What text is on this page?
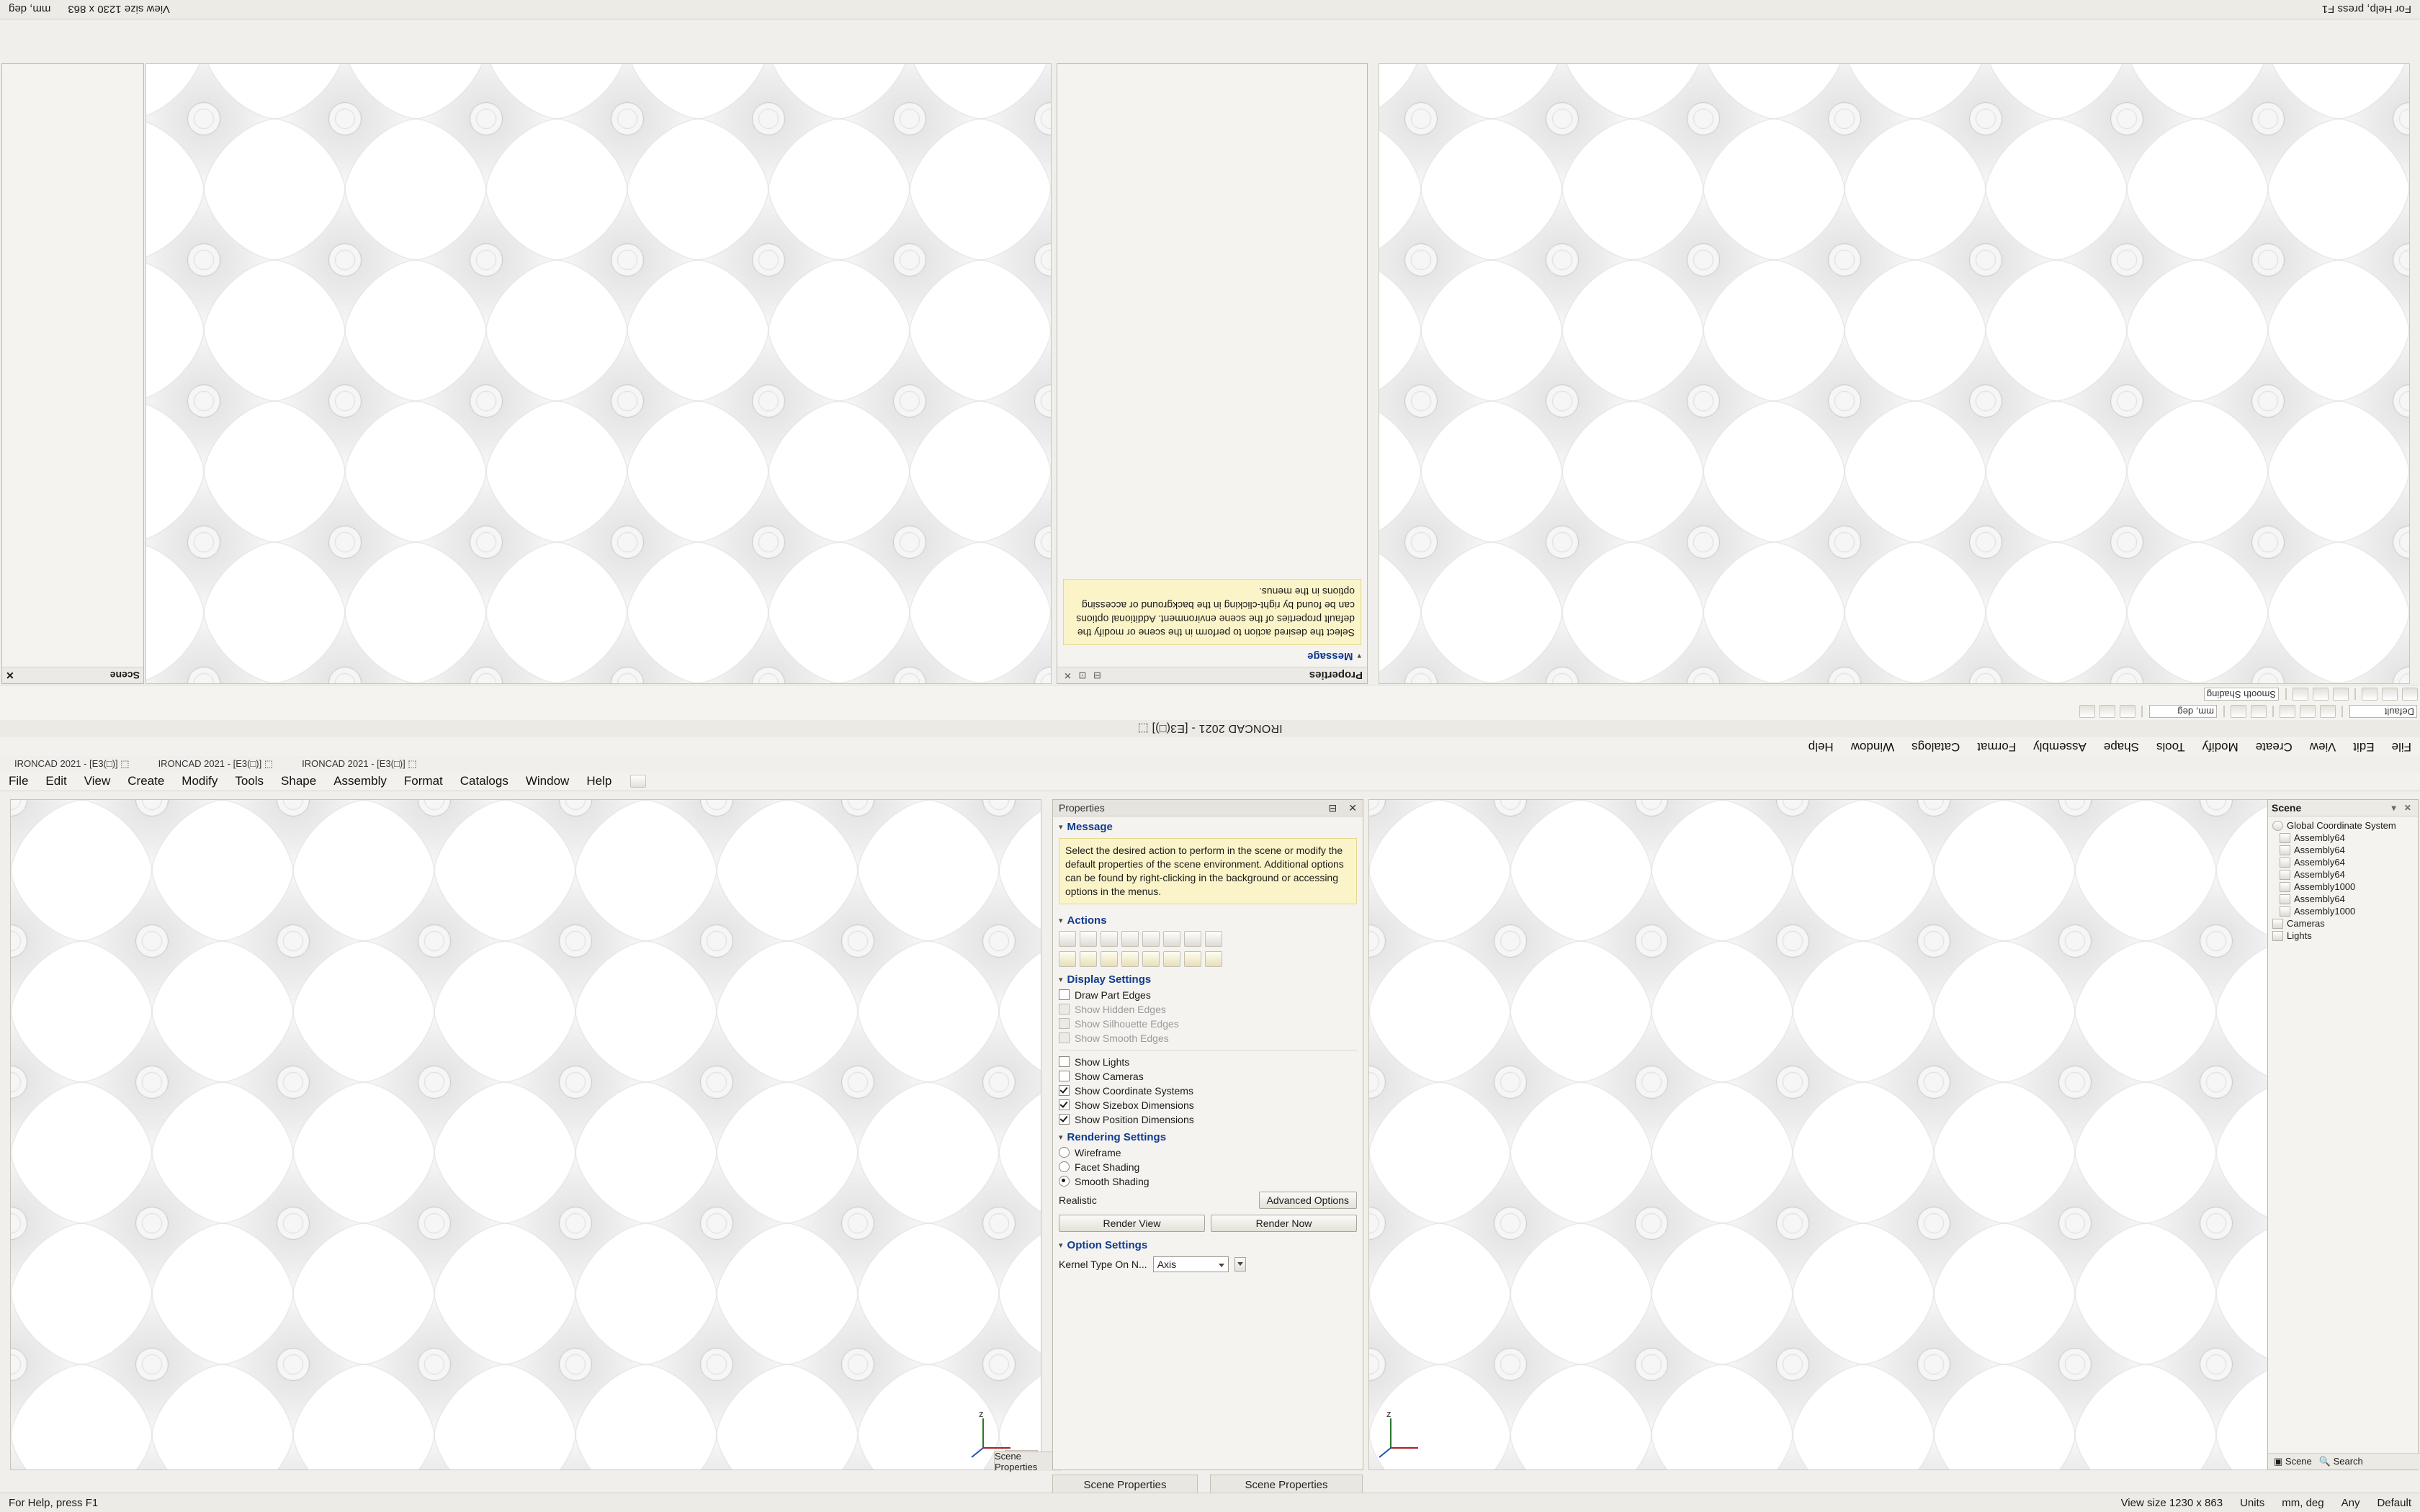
File
Edit
View
Create
Modify
Tools
Shape
Assembly
Format
Catalogs
Window
Help
IRONCAD 2021 - [E3(□)] ⬚
Default
mm, deg
Smooth Shading
Properties
⊟ ⊡ ✕
▾
Message
Select the desired action to perform in the scene or modify the default properties of the scene environment. Additional options can be found by right-clicking in the background or accessing options in the menus.
Scene
✕
For Help, press F1
View size 1230 x 863
mm, deg
IRONCAD 2021 - [E3(□)] ⬚	IRONCAD 2021 - [E3(□)] ⬚	IRONCAD 2021 - [E3(□)] ⬚
File	Edit	View	Create	Modify	Tools	Shape	Assembly	Format	Catalogs	Window	Help
z
Scene Properties
z
Properties	⊟	✕
▾ Message
Select the desired action to perform in the scene or modify the default properties of the scene environment. Additional options can be found by right-clicking in the background or accessing options in the menus.
▾ Actions
▾ Display Settings
Draw Part Edges
Show Hidden Edges
Show Silhouette Edges
Show Smooth Edges
Show Lights
Show Cameras
Show Coordinate Systems
Show Sizebox Dimensions
Show Position Dimensions
▾ Rendering Settings
Wireframe
Facet Shading
Smooth Shading
Realistic	Advanced Options
Render View	Render Now
▾ Option Settings
Kernel Type On N...	Axis
Scene	▾ ✕
Global Coordinate System
Assembly64
Assembly64
Assembly64
Assembly64
Assembly1000
Assembly64
Assembly1000
Cameras
Lights
▣ Scene 🔍 Search
Scene Properties	Scene Properties
For Help, press F1	View size 1230 x 863	Units	mm, deg	Any	Default
